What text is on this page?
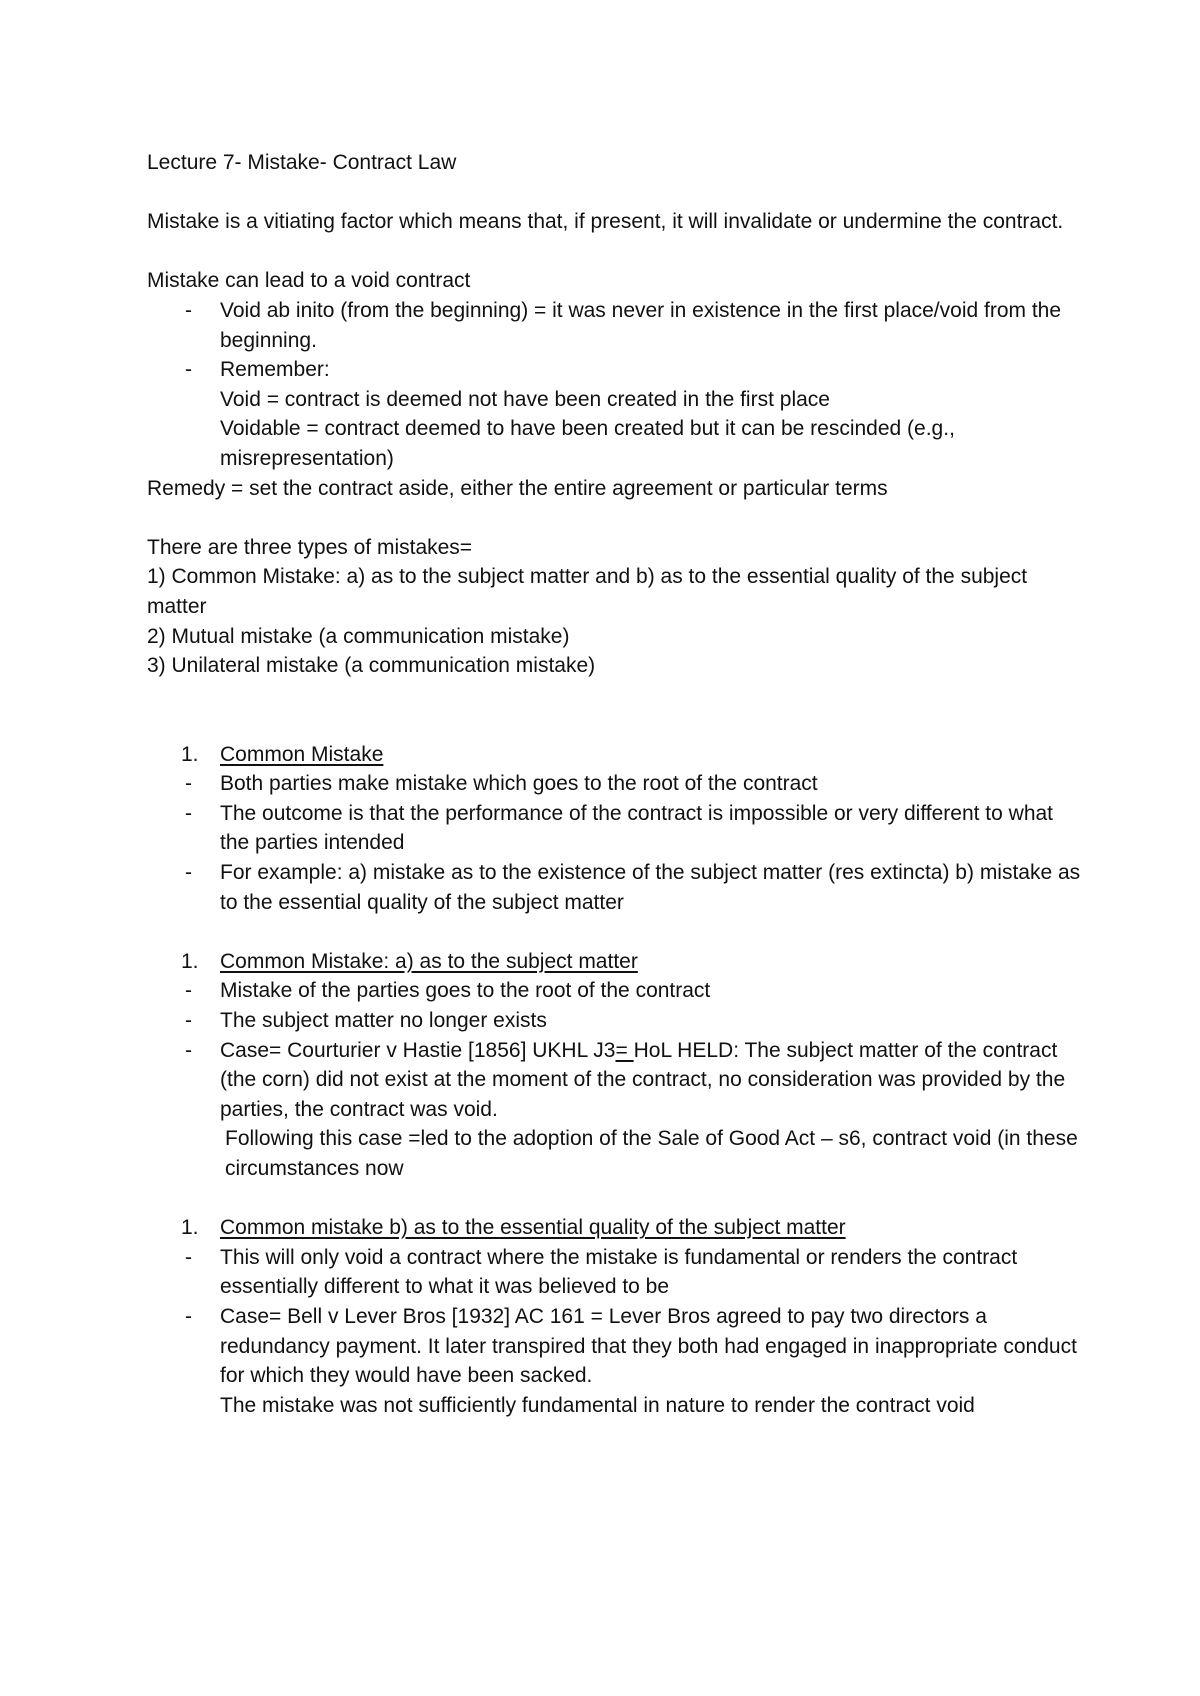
Lecture 7- Mistake- Contract Law
Mistake is a vitiating factor which means that, if present, it will invalidate or undermine the contract.
Mistake can lead to a void contract
-	Void ab inito (from the beginning) = it was never in existence in the first place/void from the beginning.
-	Remember:
Void = contract is deemed not have been created in the first place
Voidable = contract deemed to have been created but it can be rescinded (e.g., misrepresentation)
Remedy = set the contract aside, either the entire agreement or particular terms
There are three types of mistakes=
1) Common Mistake: a) as to the subject matter and b) as to the essential quality of the subject matter
2) Mutual mistake (a communication mistake)
3) Unilateral mistake (a communication mistake)
1.	Common Mistake
-	Both parties make mistake which goes to the root of the contract
-	The outcome is that the performance of the contract is impossible or very different to what the parties intended
-	For example: a) mistake as to the existence of the subject matter (res extincta) b) mistake as to the essential quality of the subject matter
1.	Common Mistake: a) as to the subject matter
-	Mistake of the parties goes to the root of the contract
-	The subject matter no longer exists
-	Case= Courturier v Hastie [1856] UKHL J3= HoL HELD: The subject matter of the contract (the corn) did not exist at the moment of the contract, no consideration was provided by the parties, the contract was void.
Following this case =led to the adoption of the Sale of Good Act – s6, contract void (in these circumstances now
1.	Common mistake b) as to the essential quality of the subject matter
-	This will only void a contract where the mistake is fundamental or renders the contract essentially different to what it was believed to be
-	Case= Bell v Lever Bros [1932] AC 161 = Lever Bros agreed to pay two directors a redundancy payment. It later transpired that they both had engaged in inappropriate conduct for which they would have been sacked.
The mistake was not sufficiently fundamental in nature to render the contract void
